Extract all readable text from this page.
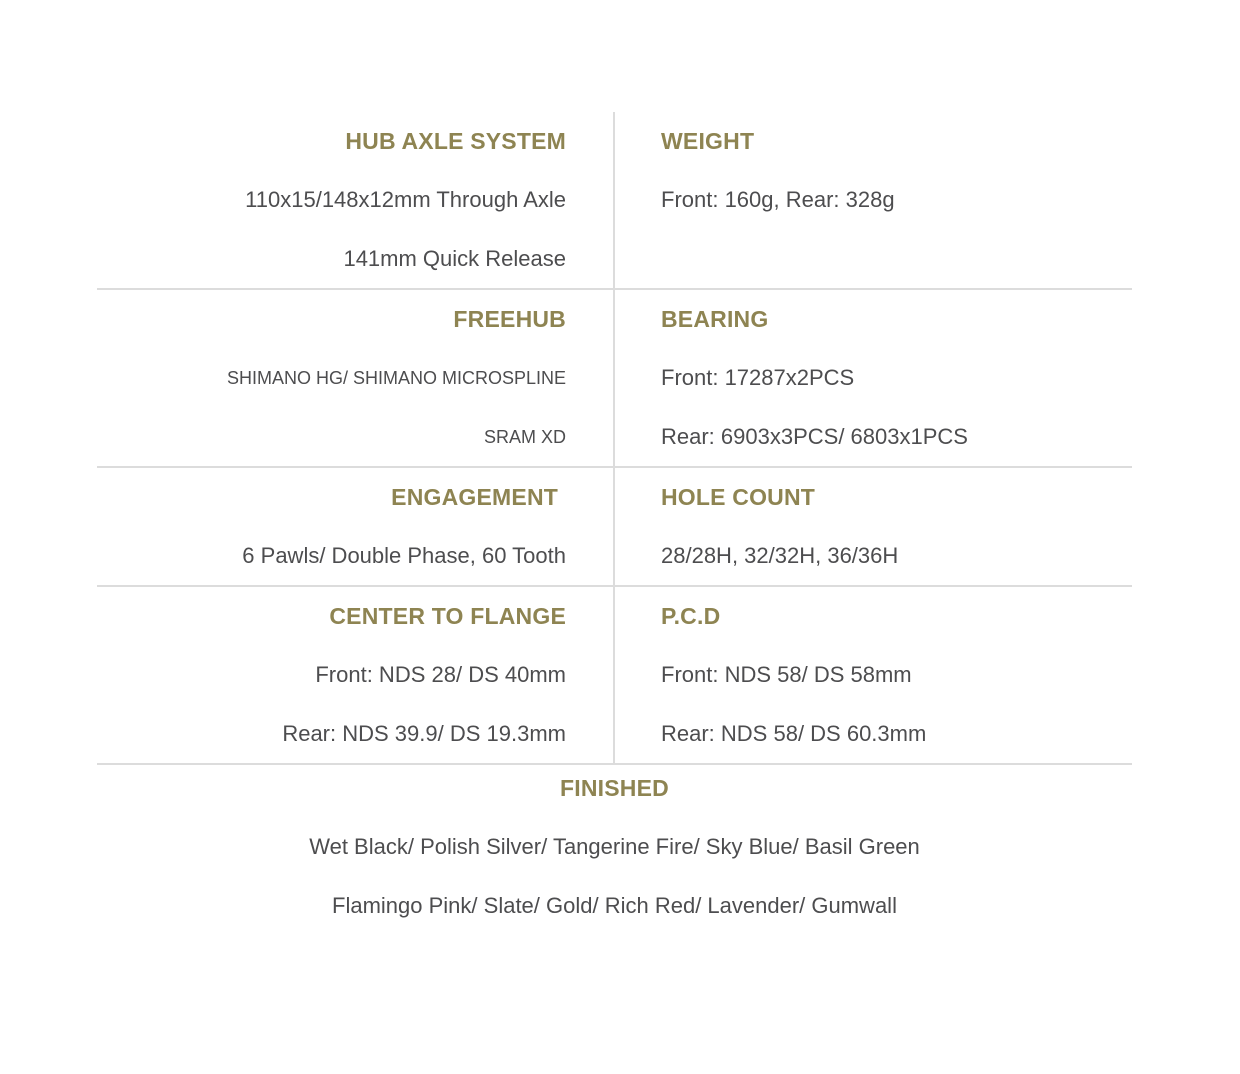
HUB AXLE SYSTEM
110x15/148x12mm Through Axle
141mm Quick Release
WEIGHT
Front: 160g, Rear: 328g
FREEHUB
SHIMANO HG/ SHIMANO MICROSPLINE
SRAM XD
BEARING
Front: 17287x2PCS
Rear: 6903x3PCS/ 6803x1PCS
ENGAGEMENT
6 Pawls/ Double Phase, 60 Tooth
HOLE COUNT
28/28H, 32/32H, 36/36H
CENTER TO FLANGE
Front: NDS 28/ DS 40mm
Rear: NDS 39.9/ DS 19.3mm
P.C.D
Front: NDS 58/ DS 58mm
Rear: NDS 58/ DS 60.3mm
FINISHED
Wet Black/ Polish Silver/ Tangerine Fire/ Sky Blue/ Basil Green
Flamingo Pink/ Slate/ Gold/ Rich Red/ Lavender/ Gumwall
